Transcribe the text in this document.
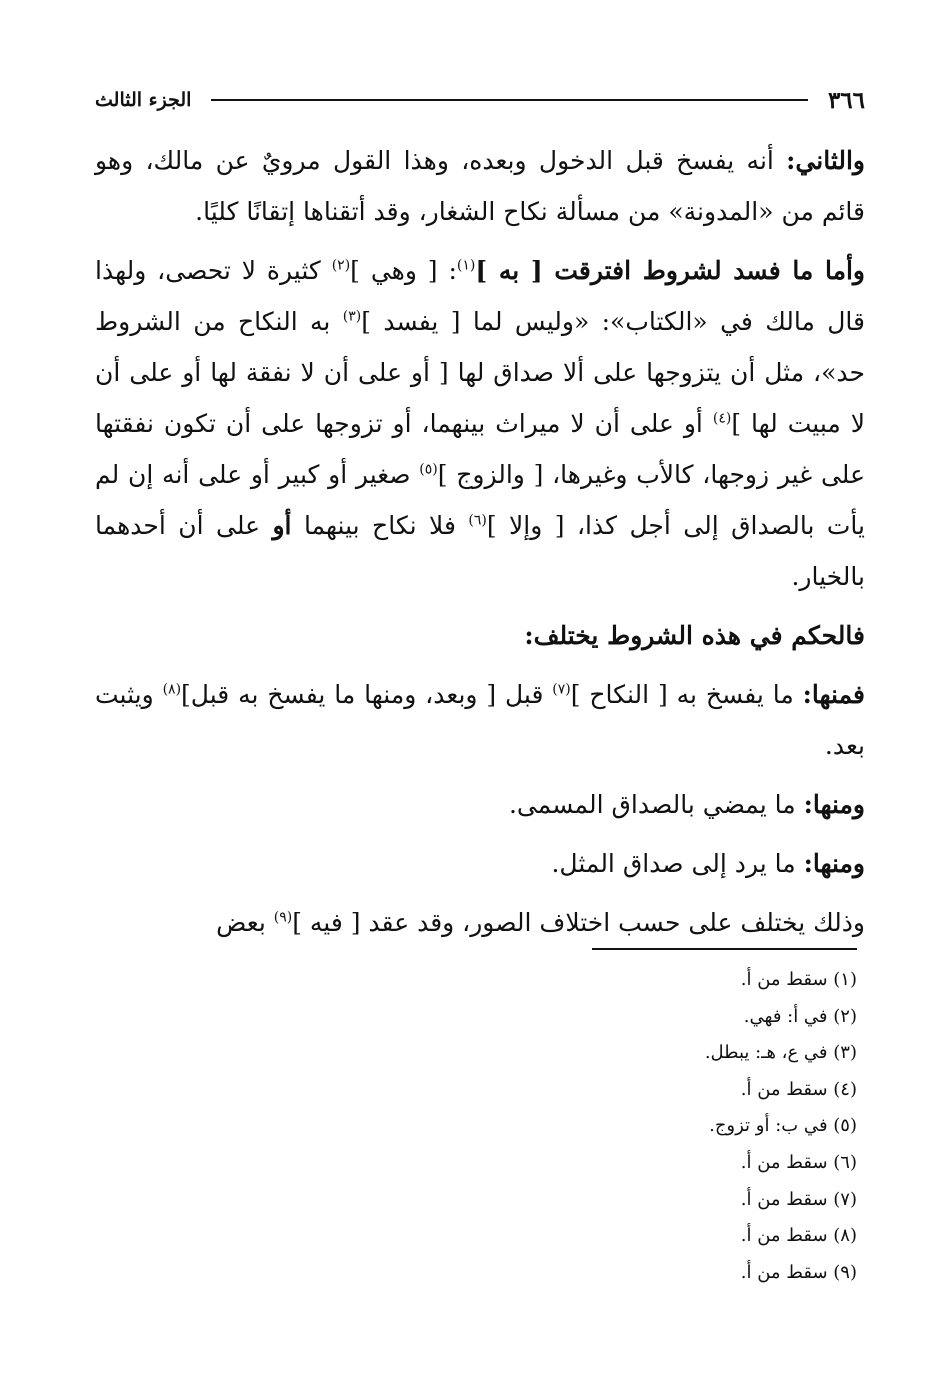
٣٦٦
الجزء الثالث

والثاني: أنه يفسخ قبل الدخول وبعده، وهذا القول مرويٌ عن مالك، وهو قائم من «المدونة» من مسألة نكاح الشغار، وقد أتقناها إتقانًا كليًا.

وأما ما فسد لشروط افترقت [ به ]$^{(١)}$: [ وهي ]$^{(٢)}$ كثيرة لا تحصى، ولهذا قال مالك في «الكتاب»: «وليس لما [ يفسد ]$^{(٣)}$ به النكاح من الشروط حد»، مثل أن يتزوجها على ألا صداق لها [ أو على أن لا نفقة لها أو على أن لا مبيت لها ]$^{(٤)}$ أو على أن لا ميراث بينهما، أو تزوجها على أن تكون نفقتها على غير زوجها، كالأب وغيرها، [ والزوج ]$^{(٥)}$ صغير أو كبير أو على أنه إن لم يأت بالصداق إلى أجل كذا، [ وإلا ]$^{(٦)}$ فلا نكاح بينهما أو على أن أحدهما بالخيار.

فالحكم في هذه الشروط يختلف:

فمنها: ما يفسخ به [ النكاح ]$^{(٧)}$ قبل [ وبعد، ومنها ما يفسخ به قبل]$^{(٨)}$ ويثبت بعد.

ومنها: ما يمضي بالصداق المسمى.

ومنها: ما يرد إلى صداق المثل.

وذلك يختلف على حسب اختلاف الصور، وقد عقد [ فيه ]$^{(٩)}$ بعض

(١) سقط من أ.
(٢) في أ: فهي.
(٣) في ع، هـ: يبطل.
(٤) سقط من أ.
(٥) في ب: أو تزوج.
(٦) سقط من أ.
(٧) سقط من أ.
(٨) سقط من أ.
(٩) سقط من أ.
